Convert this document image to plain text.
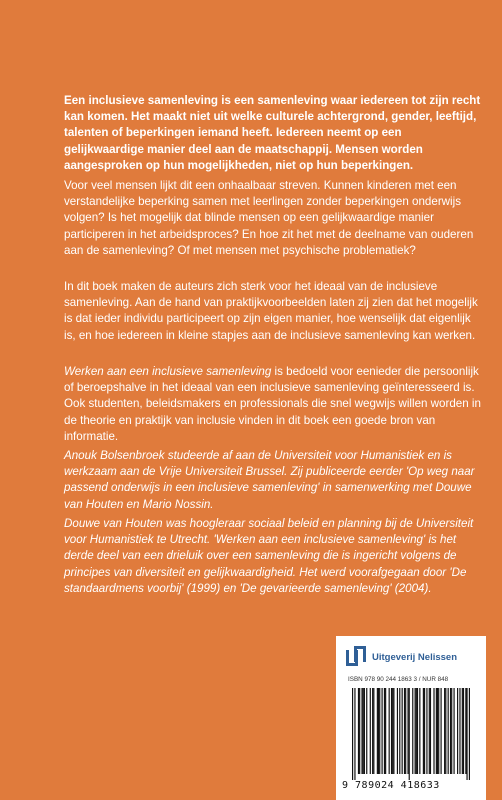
Een inclusieve samenleving is een samenleving waar iedereen tot zijn recht kan komen. Het maakt niet uit welke culturele achtergrond, gender, leeftijd, talenten of beperkingen iemand heeft. Iedereen neemt op een gelijkwaardige manier deel aan de maatschappij. Mensen worden aangesproken op hun mogelijkheden, niet op hun beperkingen.

Voor veel mensen lijkt dit een onhaalbaar streven. Kunnen kinderen met een verstandelijke beperking samen met leerlingen zonder beperkingen onderwijs volgen? Is het mogelijk dat blinde mensen op een gelijkwaardige manier participeren in het arbeidsproces? En hoe zit het met de deelname van ouderen aan de samenleving? Of met mensen met psychische problematiek?

In dit boek maken de auteurs zich sterk voor het ideaal van de inclusieve samenleving. Aan de hand van praktijkvoorbeelden laten zij zien dat het mogelijk is dat ieder individu participeert op zijn eigen manier, hoe wenselijk dat eigenlijk is, en hoe iedereen in kleine stapjes aan de inclusieve samenleving kan werken.

Werken aan een inclusieve samenleving is bedoeld voor eenieder die persoonlijk of beroepshalve in het ideaal van een inclusieve samenleving geïnteresseerd is. Ook studenten, beleidsmakers en professionals die snel wegwijs willen worden in de theorie en praktijk van inclusie vinden in dit boek een goede bron van informatie.

Anouk Bolsenbroek studeerde af aan de Universiteit voor Humanistiek en is werkzaam aan de Vrije Universiteit Brussel. Zij publiceerde eerder 'Op weg naar passend onderwijs in een inclusieve samenleving' in samenwerking met Douwe van Houten en Mario Nossin.

Douwe van Houten was hoogleraar sociaal beleid en planning bij de Universiteit voor Humanistiek te Utrecht. 'Werken aan een inclusieve samenleving' is het derde deel van een drieluik over een samenleving die is ingericht volgens de principes van diversiteit en gelijkwaardigheid. Het werd voorafgegaan door 'De standaardmens voorbij' (1999) en 'De gevarieerde samenleving' (2004).

Uitgeverij Nelissen
ISBN 978 90 244 1863 3 / NUR 848
9 789024 418633
